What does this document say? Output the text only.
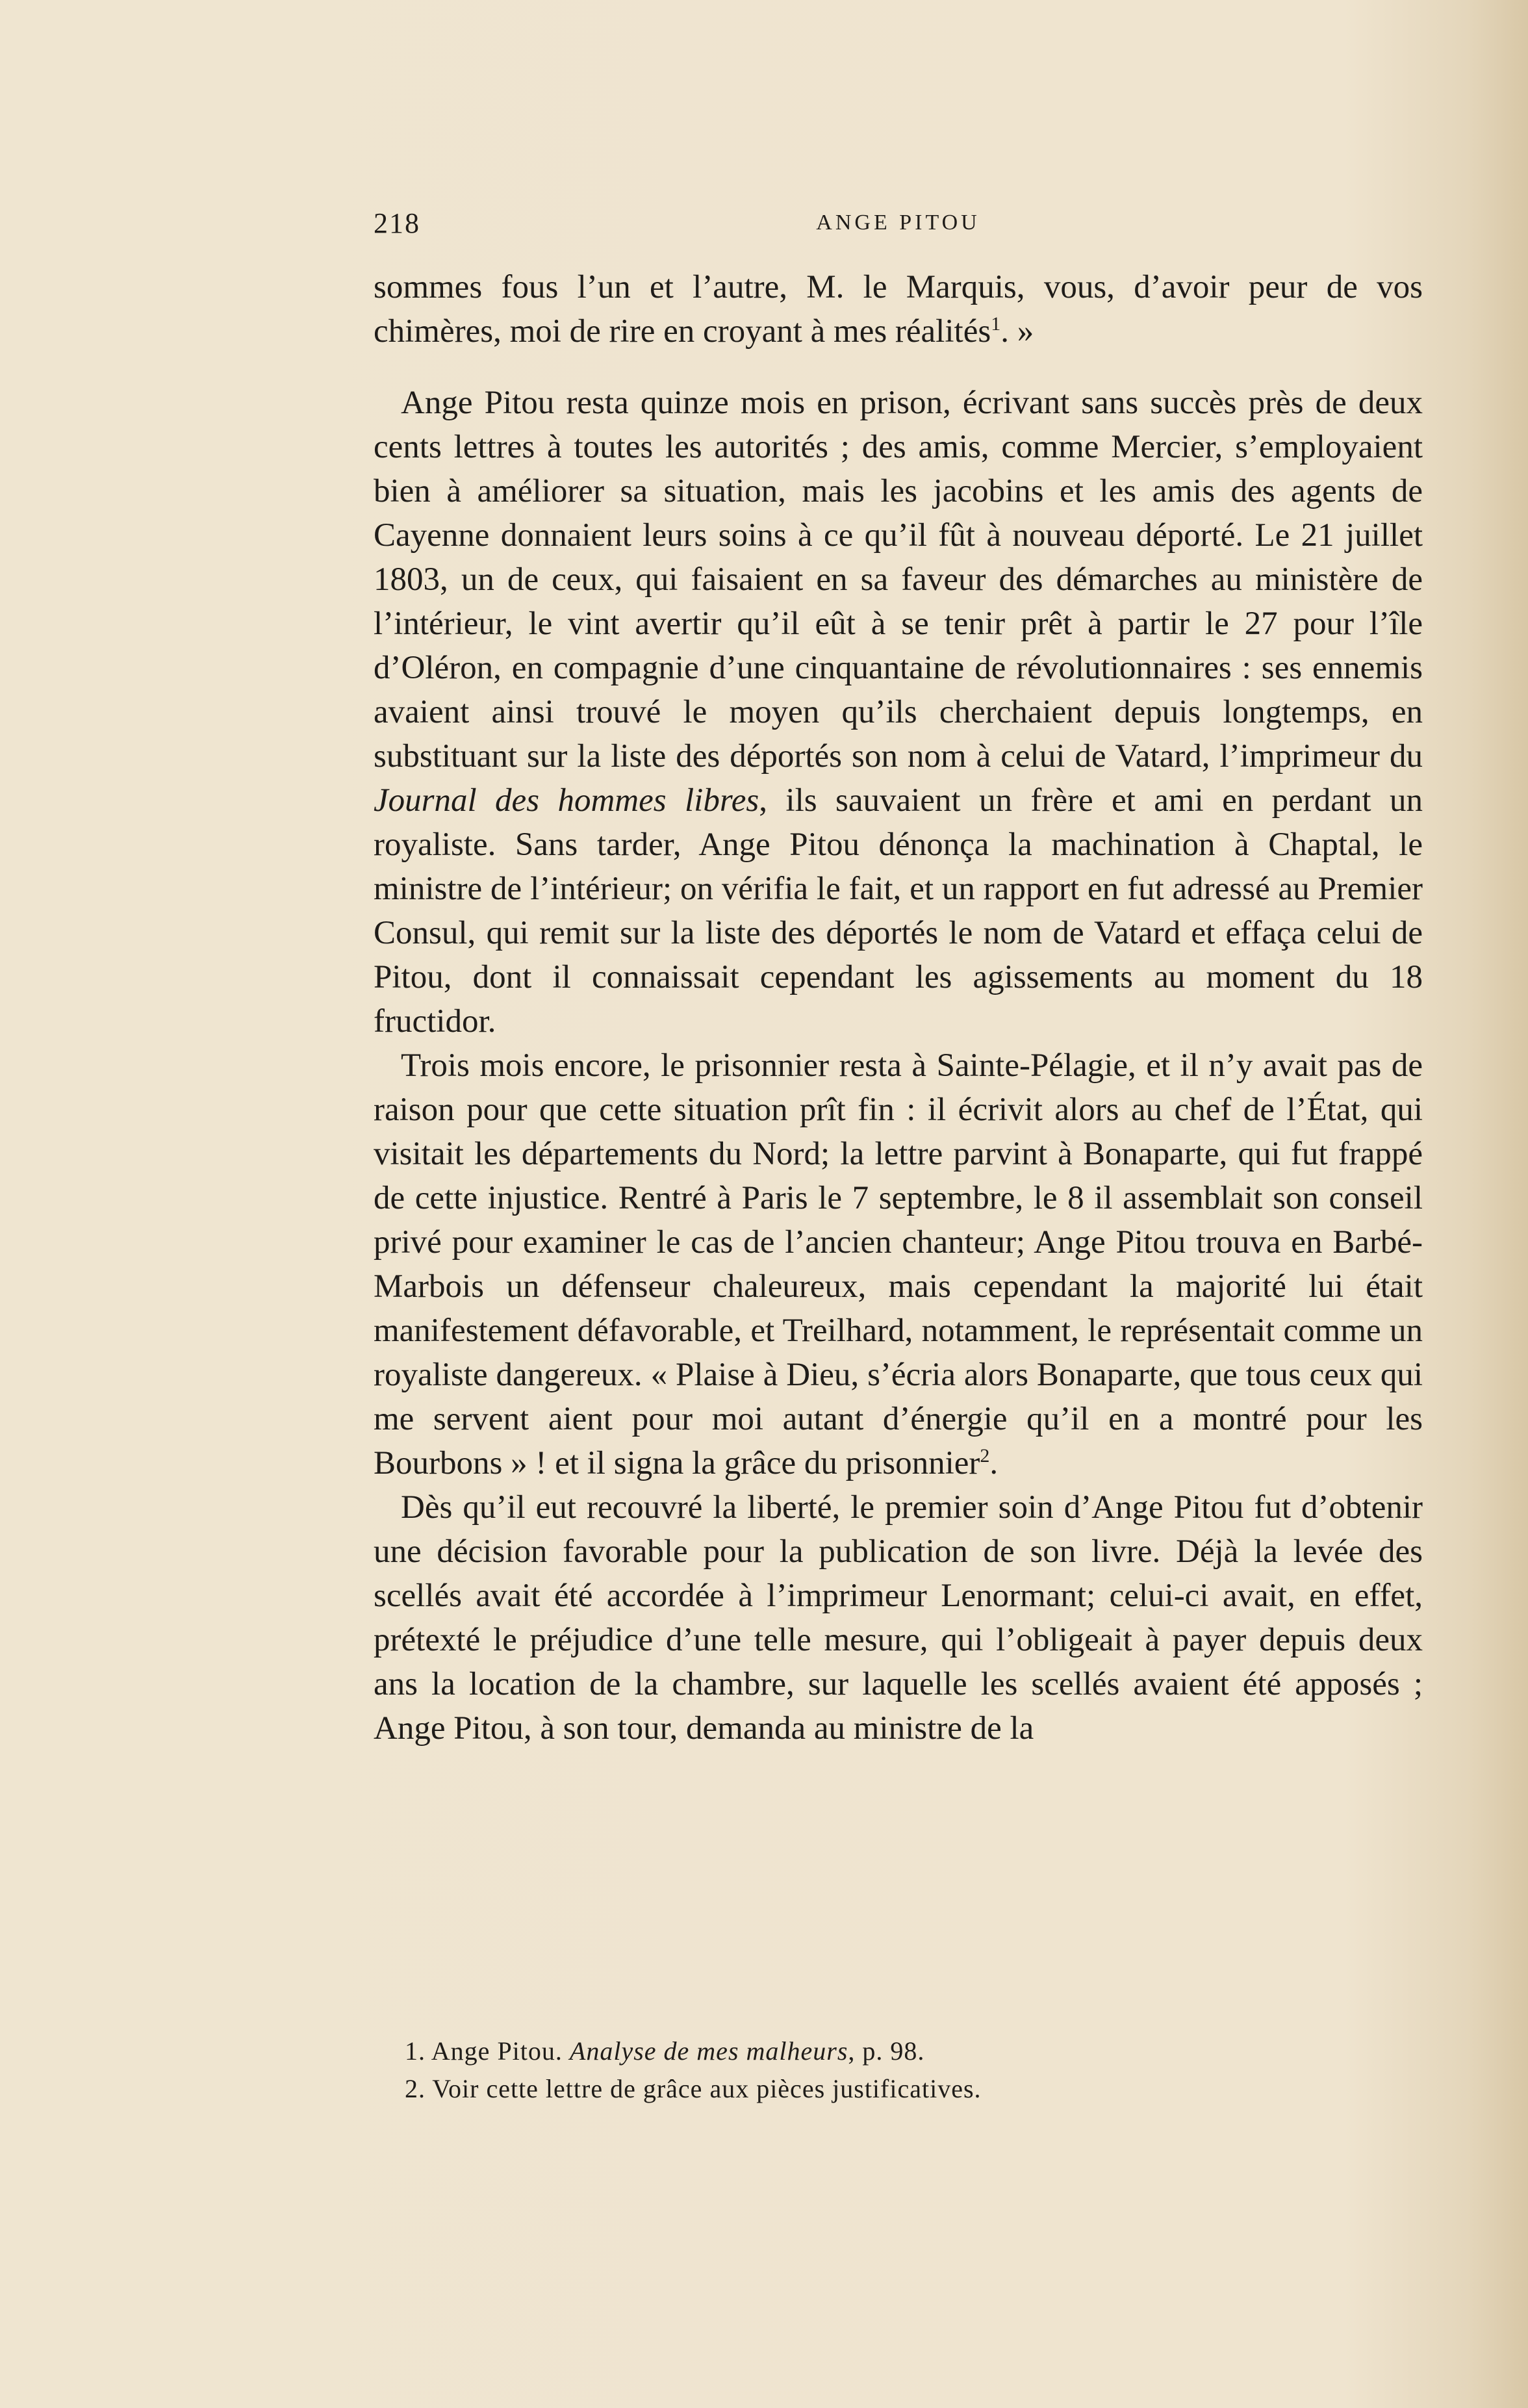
218	ANGE PITOU

sommes fous l’un et l’autre, M. le Marquis, vous, d’avoir peur de vos chimères, moi de rire en croyant à mes réalités$^1$. »

Ange Pitou resta quinze mois en prison, écrivant sans succès près de deux cents lettres à toutes les autorités ; des amis, comme Mercier, s’employaient bien à améliorer sa situation, mais les jacobins et les amis des agents de Cayenne donnaient leurs soins à ce qu’il fût à nouveau déporté. Le 21 juillet 1803, un de ceux, qui faisaient en sa faveur des démarches au ministère de l’intérieur, le vint avertir qu’il eût à se tenir prêt à partir le 27 pour l’île d’Oléron, en compagnie d’une cinquantaine de révolutionnaires : ses ennemis avaient ainsi trouvé le moyen qu’ils cherchaient depuis longtemps, en substituant sur la liste des déportés son nom à celui de Vatard, l’imprimeur du Journal des hommes libres, ils sauvaient un frère et ami en perdant un royaliste. Sans tarder, Ange Pitou dénonça la machination à Chaptal, le ministre de l’intérieur; on vérifia le fait, et un rapport en fut adressé au Premier Consul, qui remit sur la liste des déportés le nom de Vatard et effaça celui de Pitou, dont il connaissait cependant les agissements au moment du 18 fructidor.

Trois mois encore, le prisonnier resta à Sainte-Pélagie, et il n’y avait pas de raison pour que cette situation prît fin : il écrivit alors au chef de l’État, qui visitait les départements du Nord; la lettre parvint à Bonaparte, qui fut frappé de cette injustice. Rentré à Paris le 7 septembre, le 8 il assemblait son conseil privé pour examiner le cas de l’ancien chanteur; Ange Pitou trouva en Barbé-Marbois un défenseur chaleureux, mais cependant la majorité lui était manifestement défavorable, et Treilhard, notamment, le représentait comme un royaliste dangereux. « Plaise à Dieu, s’écria alors Bonaparte, que tous ceux qui me servent aient pour moi autant d’énergie qu’il en a montré pour les Bourbons » ! et il signa la grâce du prisonnier$^2$.

Dès qu’il eut recouvré la liberté, le premier soin d’Ange Pitou fut d’obtenir une décision favorable pour la publication de son livre. Déjà la levée des scellés avait été accordée à l’imprimeur Lenormant; celui-ci avait, en effet, prétexté le préjudice d’une telle mesure, qui l’obligeait à payer depuis deux ans la location de la chambre, sur laquelle les scellés avaient été apposés ; Ange Pitou, à son tour, demanda au ministre de la

1. Ange Pitou. Analyse de mes malheurs, p. 98.
2. Voir cette lettre de grâce aux pièces justificatives.
